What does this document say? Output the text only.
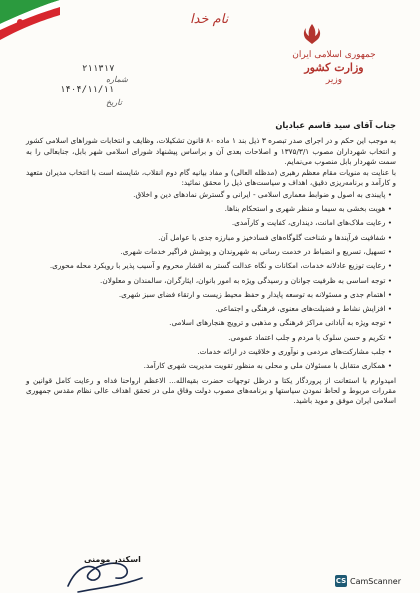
نام خدا
جمهوری اسلامی ایران
وزارت کشور
وزیر
۲۱۱۳۱۷
۱۴۰۴/۱۱/۱۱
شماره
تاریخ
جناب آقای سید قاسم عبادیان

به موجب این حکم و در اجرای صدر تبصره ۳ ذیل بند ۱ ماده ۸۰ قانون تشکیلات، وظایف و انتخابات شوراهای اسلامی کشور و انتخاب شهرداران مصوب ۱۳۷۵/۳/۱ و اصلاحات بعدی آن و براساس پیشنهاد شورای اسلامی شهر بابل، جنابعالی را به سمت شهردار بابل منصوب می‌نمایم.

با عنایت به منویات مقام معظم رهبری (مدظله العالی) و مفاد بیانیه گام دوم انقلاب، شایسته است با انتخاب مدیران متعهد و کارآمد و برنامه‌ریزی دقیق، اهداف و سیاست‌های ذیل را محقق نمائید:

• پایبندی به اصول و ضوابط معماری اسلامی - ایرانی و گسترش نمادهای دین و اخلاق.
• هویت بخشی به سیما و منظر شهری و استحکام بناها.
• رعایت ملاک‌های امانت، دینداری، کفایت و کارآمدی.
• شفافیت فرآیندها و شناخت گلوگاه‌های فسادخیز و مبارزه جدی با عوامل آن.
• تسهیل، تسریع و انضباط در خدمت رسانی به شهروندان و پوشش فراگیر خدمات شهری.
• رعایت توزیع عادلانه خدمات، امکانات و نگاه عدالت گستر به اقشار محروم و آسیب پذیر با رویکرد محله محوری.
• توجه اساسی به ظرفیت جوانان و رسیدگی ویژه به امور بانوان، ایثارگران، سالمندان و معلولان.
• اهتمام جدی و مسئولانه به توسعه پایدار و حفظ محیط زیست و ارتقاء فضای سبز شهری.
• افزایش نشاط و فضیلت‌های معنوی، فرهنگی و اجتماعی.
• توجه ویژه به آبادانی مراکز فرهنگی و مذهبی و ترویج هنجارهای اسلامی.
• تکریم و حسن سلوک با مردم و جلب اعتماد عمومی.
• جلب مشارکت‌های مردمی و نوآوری و خلاقیت در ارائه خدمات.
• همکاری متقابل با مسئولان ملی و محلی به منظور تقویت مدیریت شهری کارآمد.

امیدوارم با استعانت از پروردگار یکتا و درظل توجهات حضرت بقیه‌الله... الاعظم ارواحنا فداه و رعایت کامل قوانین و مقررات مربوط و لحاظ نمودن سیاستها و برنامه‌های مصوب دولت وفاق ملی در تحقق اهداف عالی نظام مقدس جمهوری اسلامی ایران موفق و موید باشید.

اسکندر مومنی
CS CamScanner
